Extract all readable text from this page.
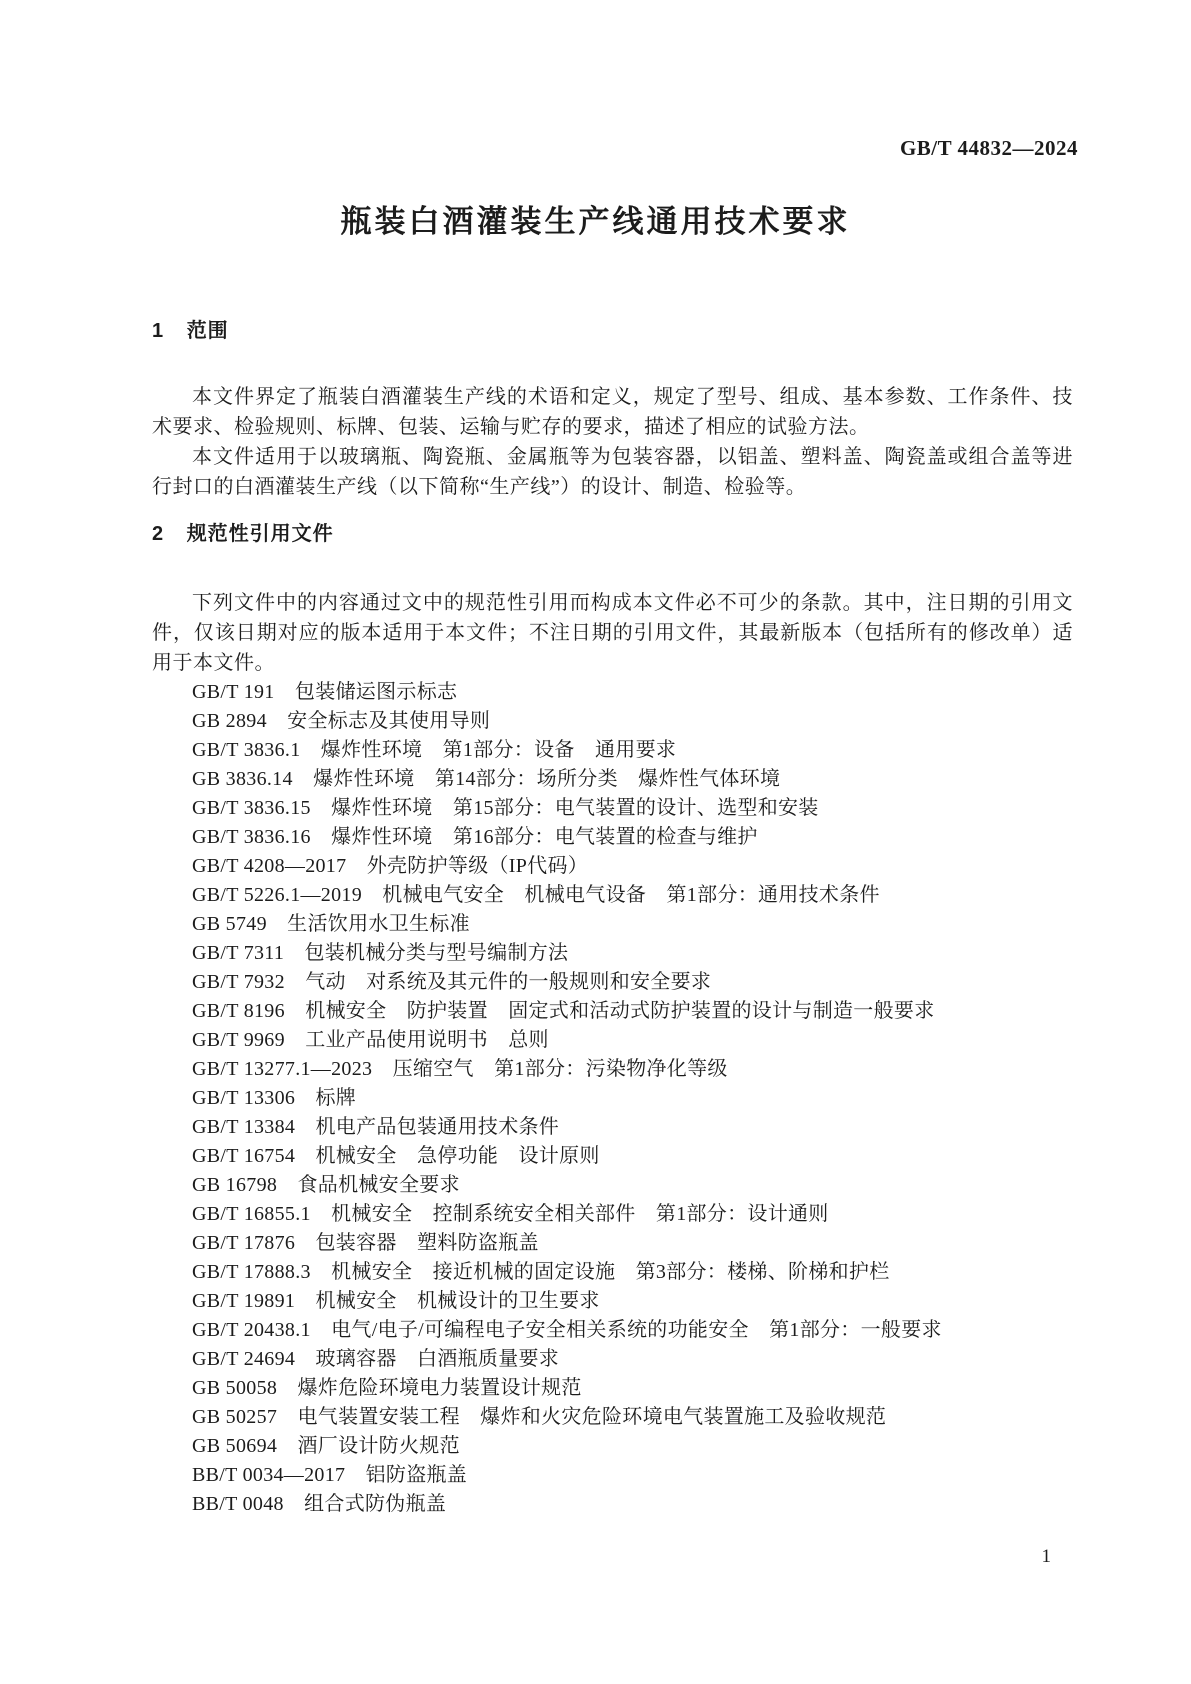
GB/T 44832—2024
瓶装白酒灌装生产线通用技术要求
1 范围

本文件界定了瓶装白酒灌装生产线的术语和定义，规定了型号、组成、基本参数、工作条件、技术要求、检验规则、标牌、包装、运输与贮存的要求，描述了相应的试验方法。

本文件适用于以玻璃瓶、陶瓷瓶、金属瓶等为包装容器，以铝盖、塑料盖、陶瓷盖或组合盖等进行封口的白酒灌装生产线（以下简称“生产线”）的设计、制造、检验等。

2 规范性引用文件

下列文件中的内容通过文中的规范性引用而构成本文件必不可少的条款。其中，注日期的引用文件，仅该日期对应的版本适用于本文件；不注日期的引用文件，其最新版本（包括所有的修改单）适用于本文件。

GB/T 191　包装储运图示标志
GB 2894　安全标志及其使用导则
GB/T 3836.1　爆炸性环境　第1部分：设备　通用要求
GB 3836.14　爆炸性环境　第14部分：场所分类　爆炸性气体环境
GB/T 3836.15　爆炸性环境　第15部分：电气装置的设计、选型和安装
GB/T 3836.16　爆炸性环境　第16部分：电气装置的检查与维护
GB/T 4208—2017　外壳防护等级（IP代码）
GB/T 5226.1—2019　机械电气安全　机械电气设备　第1部分：通用技术条件
GB 5749　生活饮用水卫生标准
GB/T 7311　包装机械分类与型号编制方法
GB/T 7932　气动　对系统及其元件的一般规则和安全要求
GB/T 8196　机械安全　防护装置　固定式和活动式防护装置的设计与制造一般要求
GB/T 9969　工业产品使用说明书　总则
GB/T 13277.1—2023　压缩空气　第1部分：污染物净化等级
GB/T 13306　标牌
GB/T 13384　机电产品包装通用技术条件
GB/T 16754　机械安全　急停功能　设计原则
GB 16798　食品机械安全要求
GB/T 16855.1　机械安全　控制系统安全相关部件　第1部分：设计通则
GB/T 17876　包装容器　塑料防盗瓶盖
GB/T 17888.3　机械安全　接近机械的固定设施　第3部分：楼梯、阶梯和护栏
GB/T 19891　机械安全　机械设计的卫生要求
GB/T 20438.1　电气/电子/可编程电子安全相关系统的功能安全　第1部分：一般要求
GB/T 24694　玻璃容器　白酒瓶质量要求
GB 50058　爆炸危险环境电力装置设计规范
GB 50257　电气装置安装工程　爆炸和火灾危险环境电气装置施工及验收规范
GB 50694　酒厂设计防火规范
BB/T 0034—2017　铝防盗瓶盖
BB/T 0048　组合式防伪瓶盖
1
